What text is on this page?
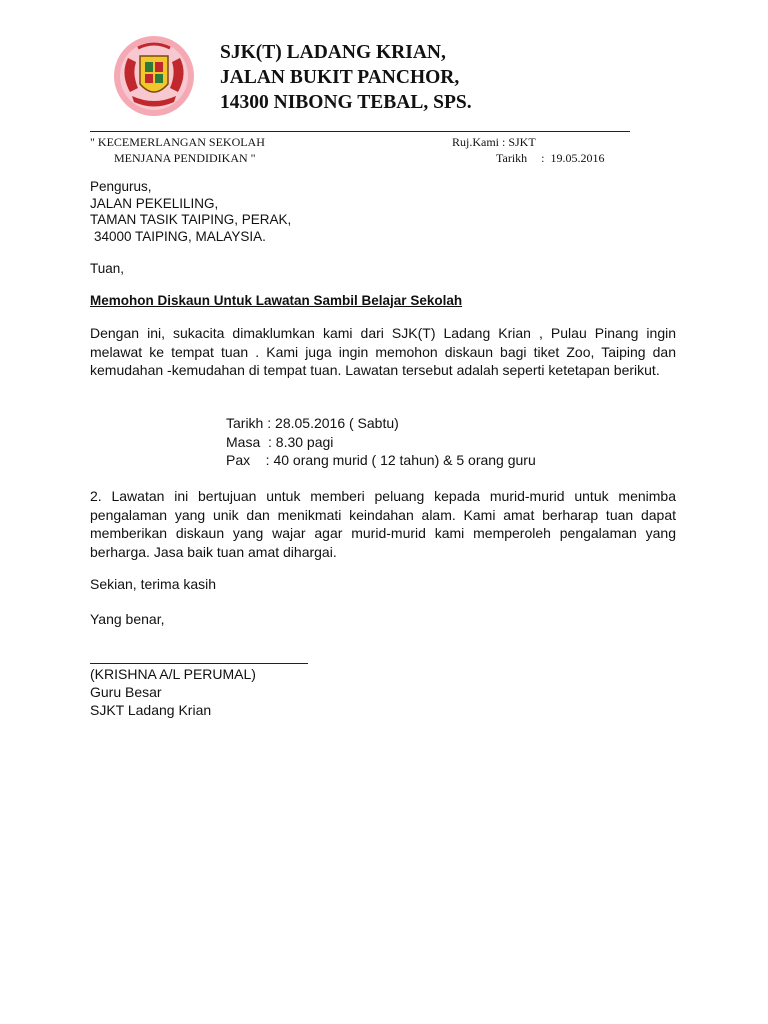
SJK(T) LADANG KRIAN,
JALAN BUKIT PANCHOR,
14300 NIBONG TEBAL, SPS.
" KECEMERLANGAN SEKOLAH
MENJANA PENDIDIKAN "
Ruj.Kami : SJKT
Tarikh : 19.05.2016
Pengurus,
JALAN PEKELILING,
TAMAN TASIK TAIPING, PERAK,
34000 TAIPING, MALAYSIA.
Tuan,
Memohon Diskaun Untuk Lawatan Sambil Belajar Sekolah
Dengan ini, sukacita dimaklumkan kami dari SJK(T) Ladang Krian , Pulau Pinang ingin melawat ke tempat tuan . Kami juga ingin memohon diskaun bagi tiket Zoo, Taiping dan kemudahan -kemudahan di tempat tuan. Lawatan tersebut adalah seperti ketetapan berikut.
Tarikh : 28.05.2016 ( Sabtu)
Masa  : 8.30 pagi
Pax    : 40 orang murid ( 12 tahun) & 5 orang guru
2. Lawatan ini bertujuan untuk memberi peluang kepada murid-murid untuk menimba pengalaman yang unik dan menikmati keindahan alam. Kami amat berharap tuan dapat memberikan diskaun yang wajar agar murid-murid kami memperoleh pengalaman yang berharga. Jasa baik tuan amat dihargai.
Sekian, terima kasih
Yang benar,
(KRISHNA A/L PERUMAL)
Guru Besar
SJKT Ladang Krian
